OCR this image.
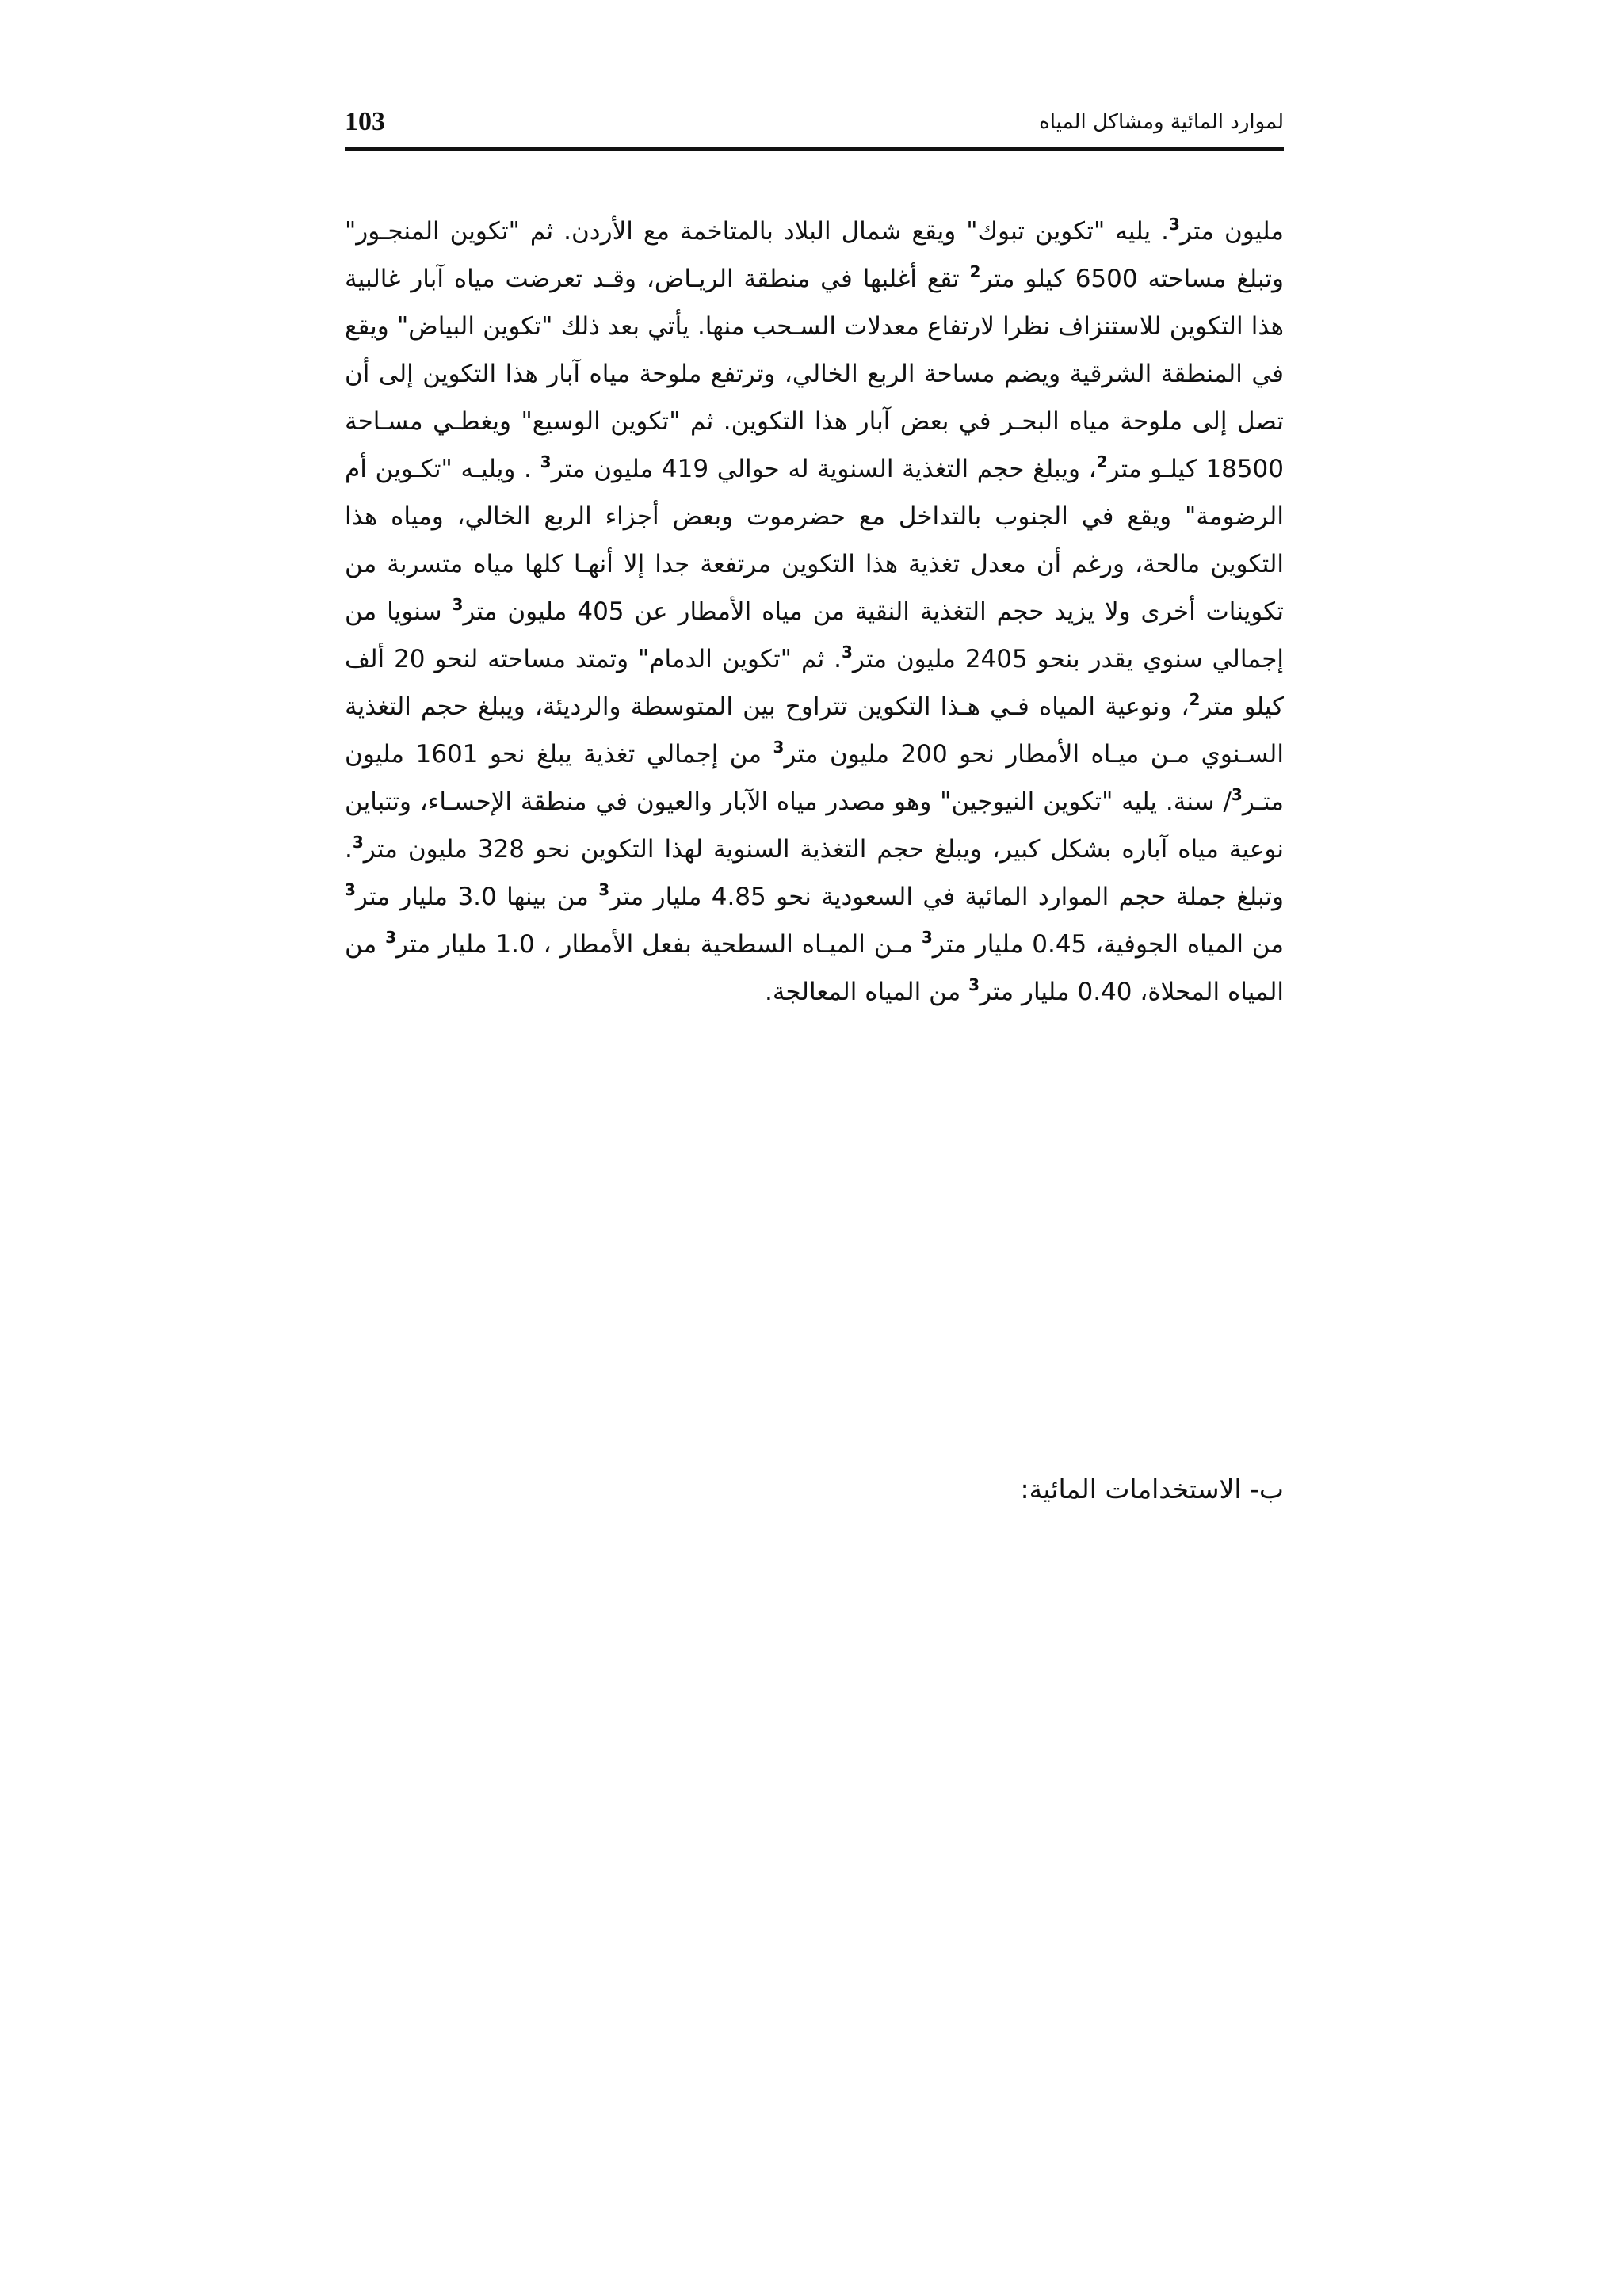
103	لموارد المائية ومشاكل المياه

مليون متر$^3$. يليه "تكوين تبوك" ويقع شمال البلاد بالمتاخمة مع الأردن. ثم "تكوين المنجـور" وتبلغ مساحته 6500 كيلو متر$^2$ تقع أغلبها في منطقة الريـاض، وقـد تعرضت مياه آبار غالبية هذا التكوين للاستنزاف نظرا لارتفاع معدلات السـحب منها. يأتي بعد ذلك "تكوين البياض" ويقع في المنطقة الشرقية ويضم مساحة الربع الخالي، وترتفع ملوحة مياه آبار هذا التكوين إلى أن تصل إلى ملوحة مياه البحـر في بعض آبار هذا التكوين. ثم "تكوين الوسيع" ويغطـي مسـاحة 18500 كيلـو متر$^2$، ويبلغ حجم التغذية السنوية له حوالي 419 مليون متر$^3$ . ويليـه "تكـوين أم الرضومة" ويقع في الجنوب بالتداخل مع حضرموت وبعض أجزاء الربع الخالي، ومياه هذا التكوين مالحة، ورغم أن معدل تغذية هذا التكوين مرتفعة جدا إلا أنهـا كلها مياه متسربة من تكوينات أخرى ولا يزيد حجم التغذية النقية من مياه الأمطار عن 405 مليون متر$^3$ سنويا من إجمالي سنوي يقدر بنحو 2405 مليون متر$^3$. ثم "تكوين الدمام" وتمتد مساحته لنحو 20 ألف كيلو متر$^2$، ونوعية المياه فـي هـذا التكوين تتراوح بين المتوسطة والرديئة، ويبلغ حجم التغذية السـنوي مـن ميـاه الأمطار نحو 200 مليون متر$^3$ من إجمالي تغذية يبلغ نحو 1601 مليون متـر$^3$/ سنة. يليه "تكوين النيوجين" وهو مصدر مياه الآبار والعيون في منطقة الإحسـاء، وتتباين نوعية مياه آباره بشكل كبير، ويبلغ حجم التغذية السنوية لهذا التكوين نحو 328 مليون متر$^3$. وتبلغ جملة حجم الموارد المائية في السعودية نحو 4.85 مليار متر$^3$ من بينها 3.0 مليار متر$^3$ من المياه الجوفية، 0.45 مليار متر$^3$ مـن الميـاه السطحية بفعل الأمطار ، 1.0 مليار متر$^3$ من المياه المحلاة، 0.40 مليار متر$^3$ من المياه المعالجة.

ب- الاستخدامات المائية:
